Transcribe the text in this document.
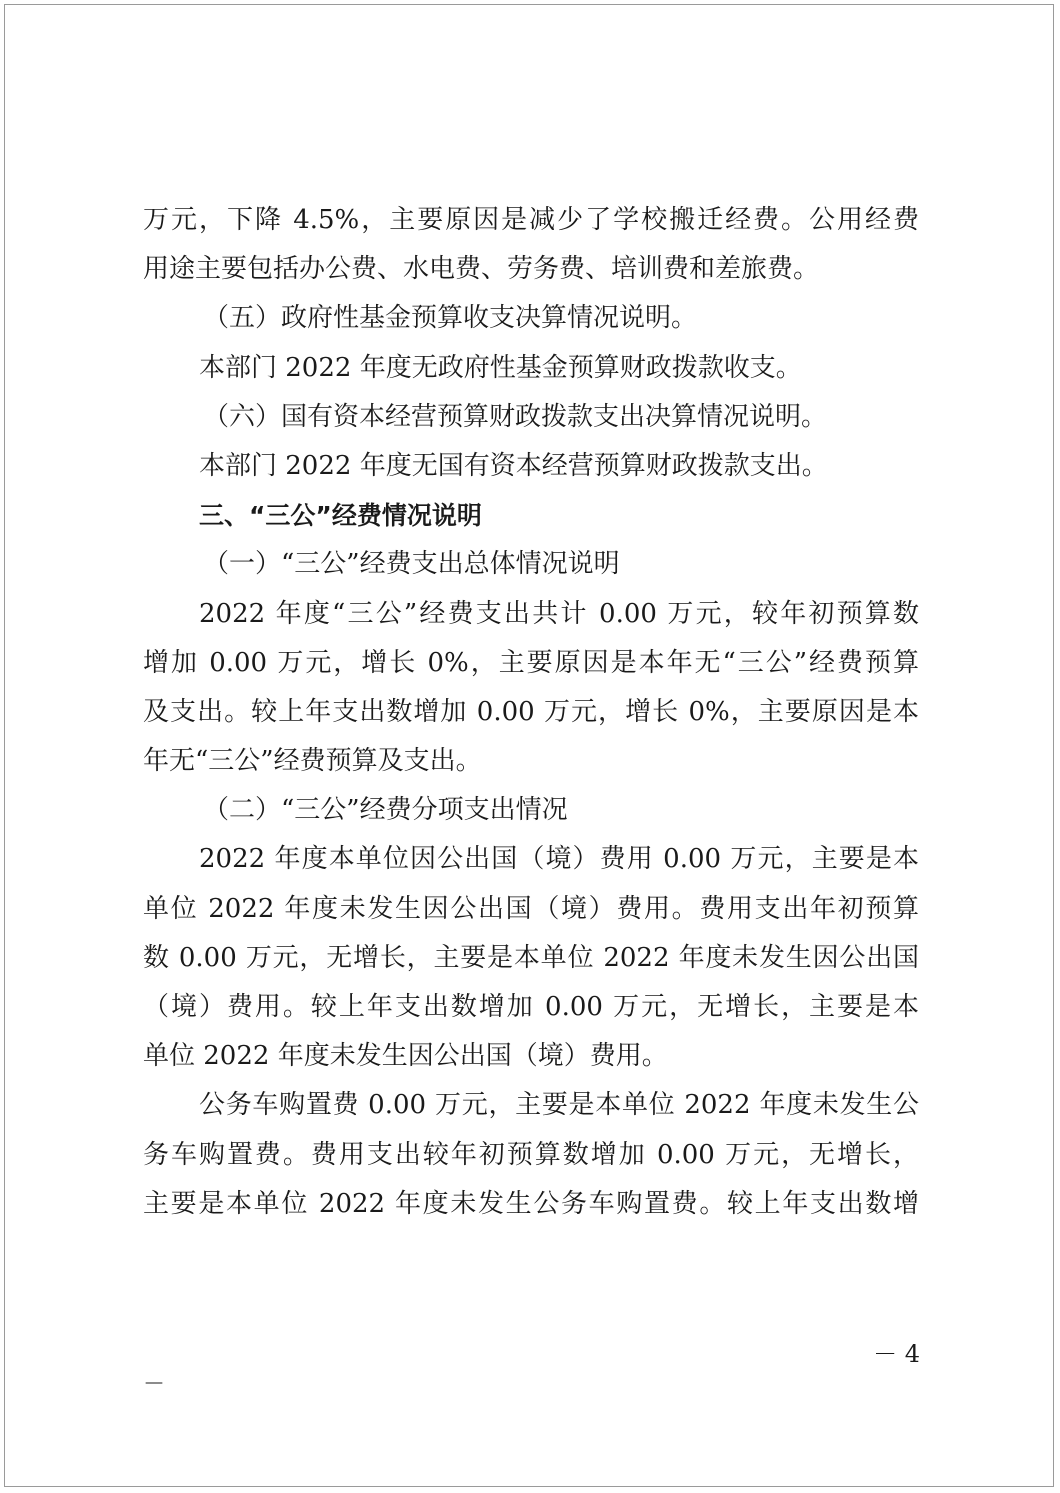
万元，下降 4.5%，主要原因是减少了学校搬迁经费。公用经费
用途主要包括办公费、水电费、劳务费、培训费和差旅费。
（五）政府性基金预算收支决算情况说明。
本部门 2022 年度无政府性基金预算财政拨款收支。
（六）国有资本经营预算财政拨款支出决算情况说明。
本部门 2022 年度无国有资本经营预算财政拨款支出。
三、“三公”经费情况说明
（一）“三公”经费支出总体情况说明
2022 年度“三公”经费支出共计 0.00 万元，较年初预算数
增加 0.00 万元，增长 0%，主要原因是本年无“三公”经费预算
及支出。较上年支出数增加 0.00 万元，增长 0%，主要原因是本
年无“三公”经费预算及支出。
（二）“三公”经费分项支出情况
2022 年度本单位因公出国（境）费用 0.00 万元，主要是本
单位 2022 年度未发生因公出国（境）费用。费用支出年初预算
数 0.00 万元，无增长，主要是本单位 2022 年度未发生因公出国
（境）费用。较上年支出数增加 0.00 万元，无增长，主要是本
单位 2022 年度未发生因公出国（境）费用。
公务车购置费 0.00 万元，主要是本单位 2022 年度未发生公
务车购置费。费用支出较年初预算数增加 0.00 万元，无增长，
主要是本单位 2022 年度未发生公务车购置费。较上年支出数增
－ 4
－
